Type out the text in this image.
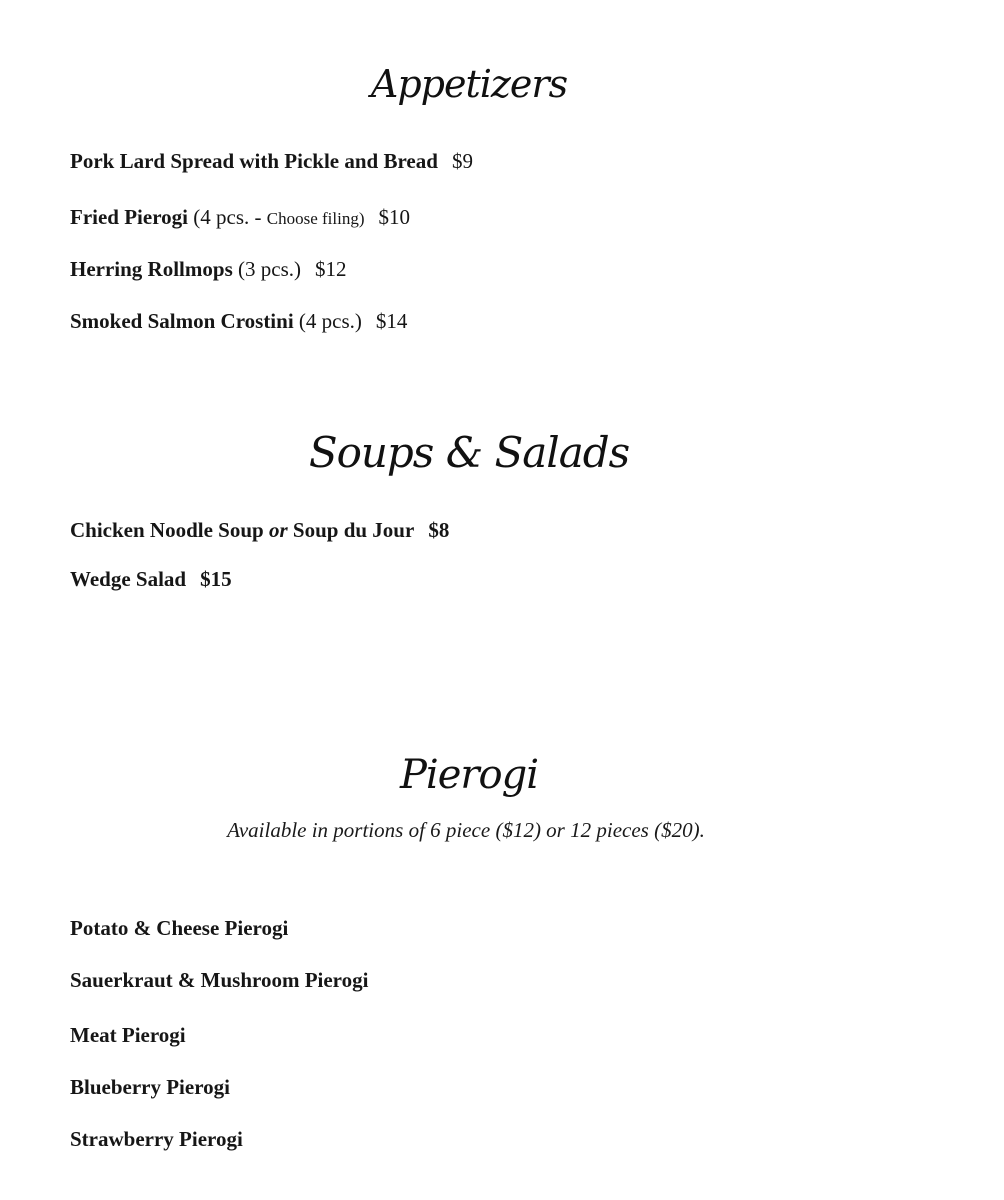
Appetizers
Pork Lard Spread with Pickle and Bread $9
Fried Pierogi (4 pcs. - Choose filing) $10
Herring Rollmops (3 pcs.) $12
Smoked Salmon Crostini (4 pcs.) $14
Soups & Salads
Chicken Noodle Soup or Soup du Jour $8
Wedge Salad $15
Pierogi
Available in portions of 6 piece ($12) or 12 pieces ($20).
Potato & Cheese Pierogi
Sauerkraut & Mushroom Pierogi
Meat Pierogi
Blueberry Pierogi
Strawberry Pierogi
